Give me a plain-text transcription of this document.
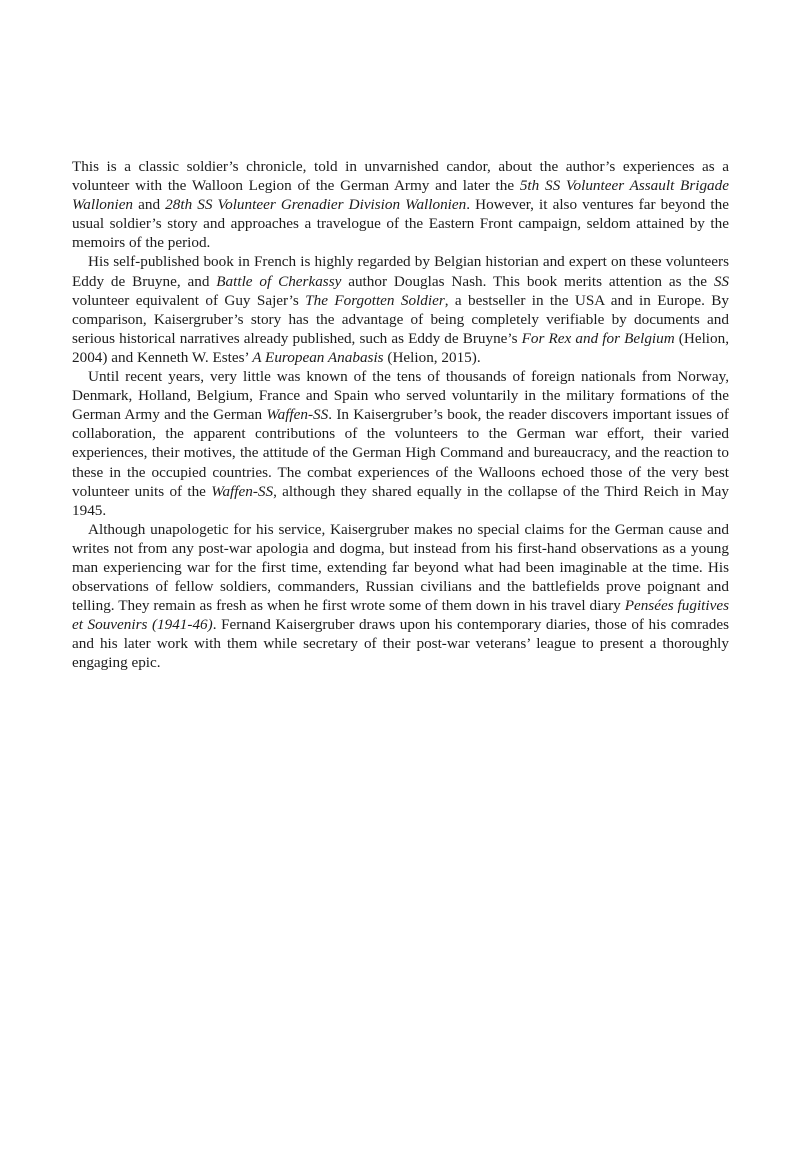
This is a classic soldier’s chronicle, told in unvarnished candor, about the author’s experiences as a volunteer with the Walloon Legion of the German Army and later the 5th SS Volunteer Assault Brigade Wallonien and 28th SS Volunteer Grenadier Division Wallonien. However, it also ventures far beyond the usual soldier’s story and approaches a travelogue of the Eastern Front campaign, seldom attained by the memoirs of the period.

His self-published book in French is highly regarded by Belgian historian and expert on these volunteers Eddy de Bruyne, and Battle of Cherkassy author Douglas Nash. This book merits attention as the SS volunteer equivalent of Guy Sajer’s The Forgotten Soldier, a bestseller in the USA and in Europe. By comparison, Kaisergruber’s story has the advantage of being completely verifiable by documents and serious historical narratives already published, such as Eddy de Bruyne’s For Rex and for Belgium (Helion, 2004) and Kenneth W. Estes’ A European Anabasis (Helion, 2015).

Until recent years, very little was known of the tens of thousands of foreign nationals from Norway, Denmark, Holland, Belgium, France and Spain who served voluntarily in the military formations of the German Army and the German Waffen-SS. In Kaisergruber’s book, the reader discovers important issues of collaboration, the apparent contributions of the volunteers to the German war effort, their varied experiences, their motives, the attitude of the German High Command and bureaucracy, and the reaction to these in the occupied countries. The combat experiences of the Walloons echoed those of the very best volunteer units of the Waffen-SS, although they shared equally in the collapse of the Third Reich in May 1945.

Although unapologetic for his service, Kaisergruber makes no special claims for the German cause and writes not from any post-war apologia and dogma, but instead from his first-hand observations as a young man experiencing war for the first time, extending far beyond what had been imaginable at the time. His observations of fellow soldiers, commanders, Russian civilians and the battlefields prove poignant and telling. They remain as fresh as when he first wrote some of them down in his travel diary Pensées fugitives et Souvenirs (1941-46). Fernand Kaisergruber draws upon his contemporary diaries, those of his comrades and his later work with them while secretary of their post-war veterans’ league to present a thoroughly engaging epic.
